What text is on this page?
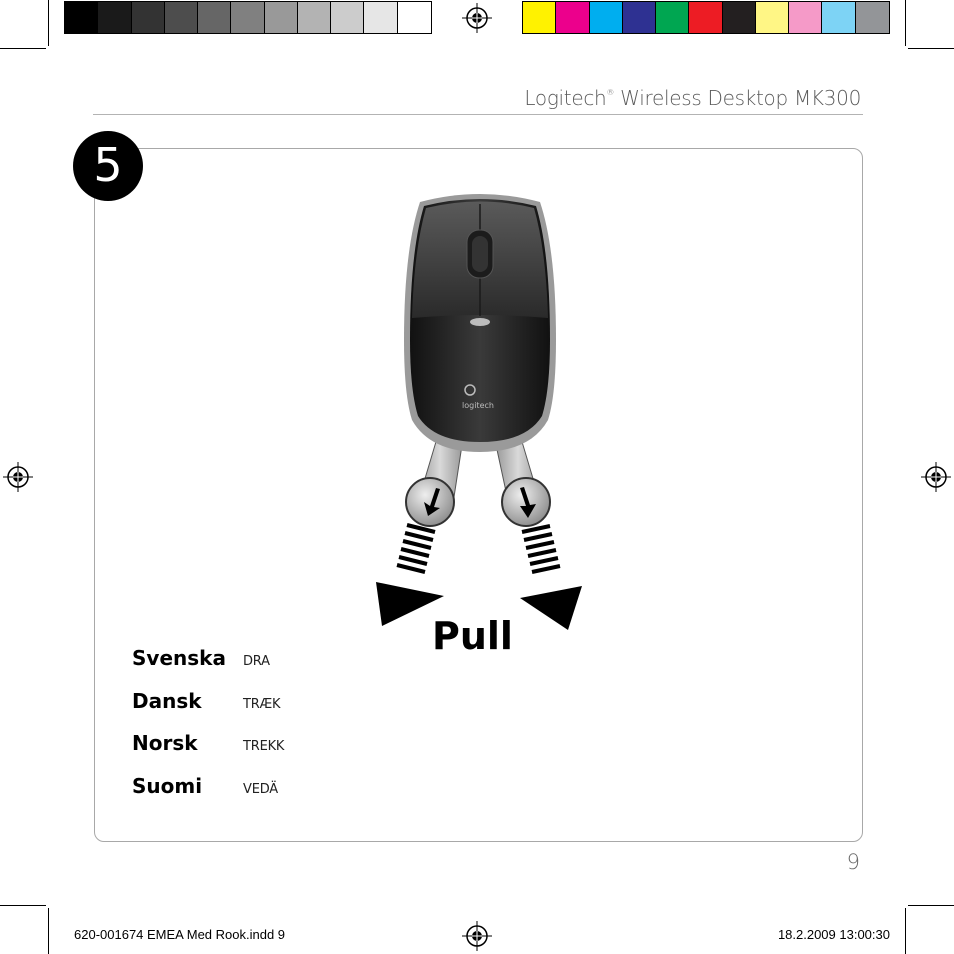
Logitech® Wireless Desktop MK300
5
logitech
Pull
Svenska	DRA
Dansk	TRÆK
Norsk	TREKK
Suomi	VEDÄ
9
620-001674 EMEA Med Rook.indd 9	18.2.2009 13:00:30
